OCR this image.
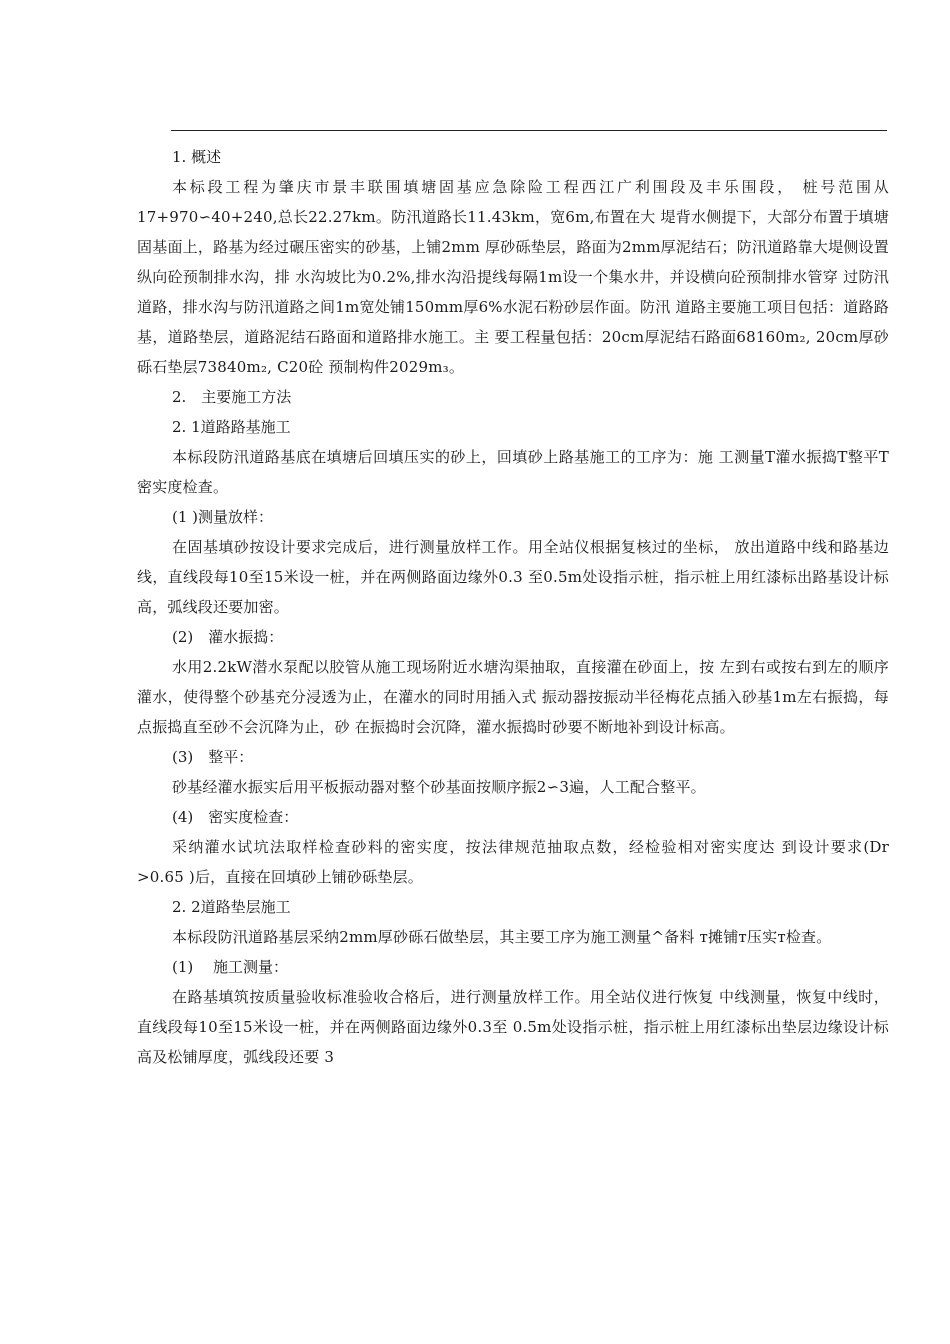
1. 概述

本标段工程为肇庆市景丰联围填塘固基应急除险工程西江广利围段及丰乐围段， 桩号范围从17+970∽40+240,总长22.27km。防汛道路长11.43km，宽6m,布置在大 堤背水侧提下，大部分布置于填塘固基面上，路基为经过碾压密实的砂基，上铺2mm 厚砂砾垫层，路面为2mm厚泥结石；防汛道路靠大堤侧设置纵向砼预制排水沟，排 水沟坡比为0.2%,排水沟沿提线每隔1m设一个集水井，并设横向砼预制排水管穿 过防汛道路，排水沟与防汛道路之间1m宽处铺150mm厚6%水泥石粉砂层作面。防汛 道路主要施工项目包括：道路路基，道路垫层，道路泥结石路面和道路排水施工。主 要工程量包括：20cm厚泥结石路面68160m₂, 20cm厚砂砾石垫层73840m₂, C20砼 预制构件2029m₃。

2.　主要施工方法

2. 1道路路基施工

本标段防汛道路基底在填塘后回填压实的砂上，回填砂上路基施工的工序为：施 工测量T灌水振捣T整平T密实度检查。

(1 )测量放样：

在固基填砂按设计要求完成后，进行测量放样工作。用全站仪根据复核过的坐标， 放出道路中线和路基边线，直线段每10至15米设一桩，并在两侧路面边缘外0.3 至0.5m处设指示桩，指示桩上用红漆标出路基设计标高，弧线段还要加密。

(2)　灌水振捣：

水用2.2kW潜水泵配以胶管从施工现场附近水塘沟渠抽取，直接灌在砂面上，按 左到右或按右到左的顺序灌水，使得整个砂基充分浸透为止，在灌水的同时用插入式 振动器按振动半径梅花点插入砂基1m左右振捣，每点振捣直至砂不会沉降为止，砂 在振捣时会沉降，灌水振捣时砂要不断地补到设计标高。

(3)　整平：

砂基经灌水振实后用平板振动器对整个砂基面按顺序振2∽3遍，人工配合整平。

(4)　密实度检查：

采纳灌水试坑法取样检查砂料的密实度，按法律规范抽取点数，经检验相对密实度达 到设计要求(Dr >0.65 )后，直接在回填砂上铺砂砾垫层。

2. 2道路垫层施工

本标段防汛道路基层采纳2mm厚砂砾石做垫层，其主要工序为施工测量^备料 ᴛ摊铺ᴛ压实ᴛ检查。

(1)　 施工测量：

在路基填筑按质量验收标准验收合格后，进行测量放样工作。用全站仪进行恢复 中线测量，恢复中线时，直线段每10至15米设一桩，并在两侧路面边缘外0.3至 0.5m处设指示桩，指示桩上用红漆标出垫层边缘设计标高及松铺厚度，弧线段还要 3
